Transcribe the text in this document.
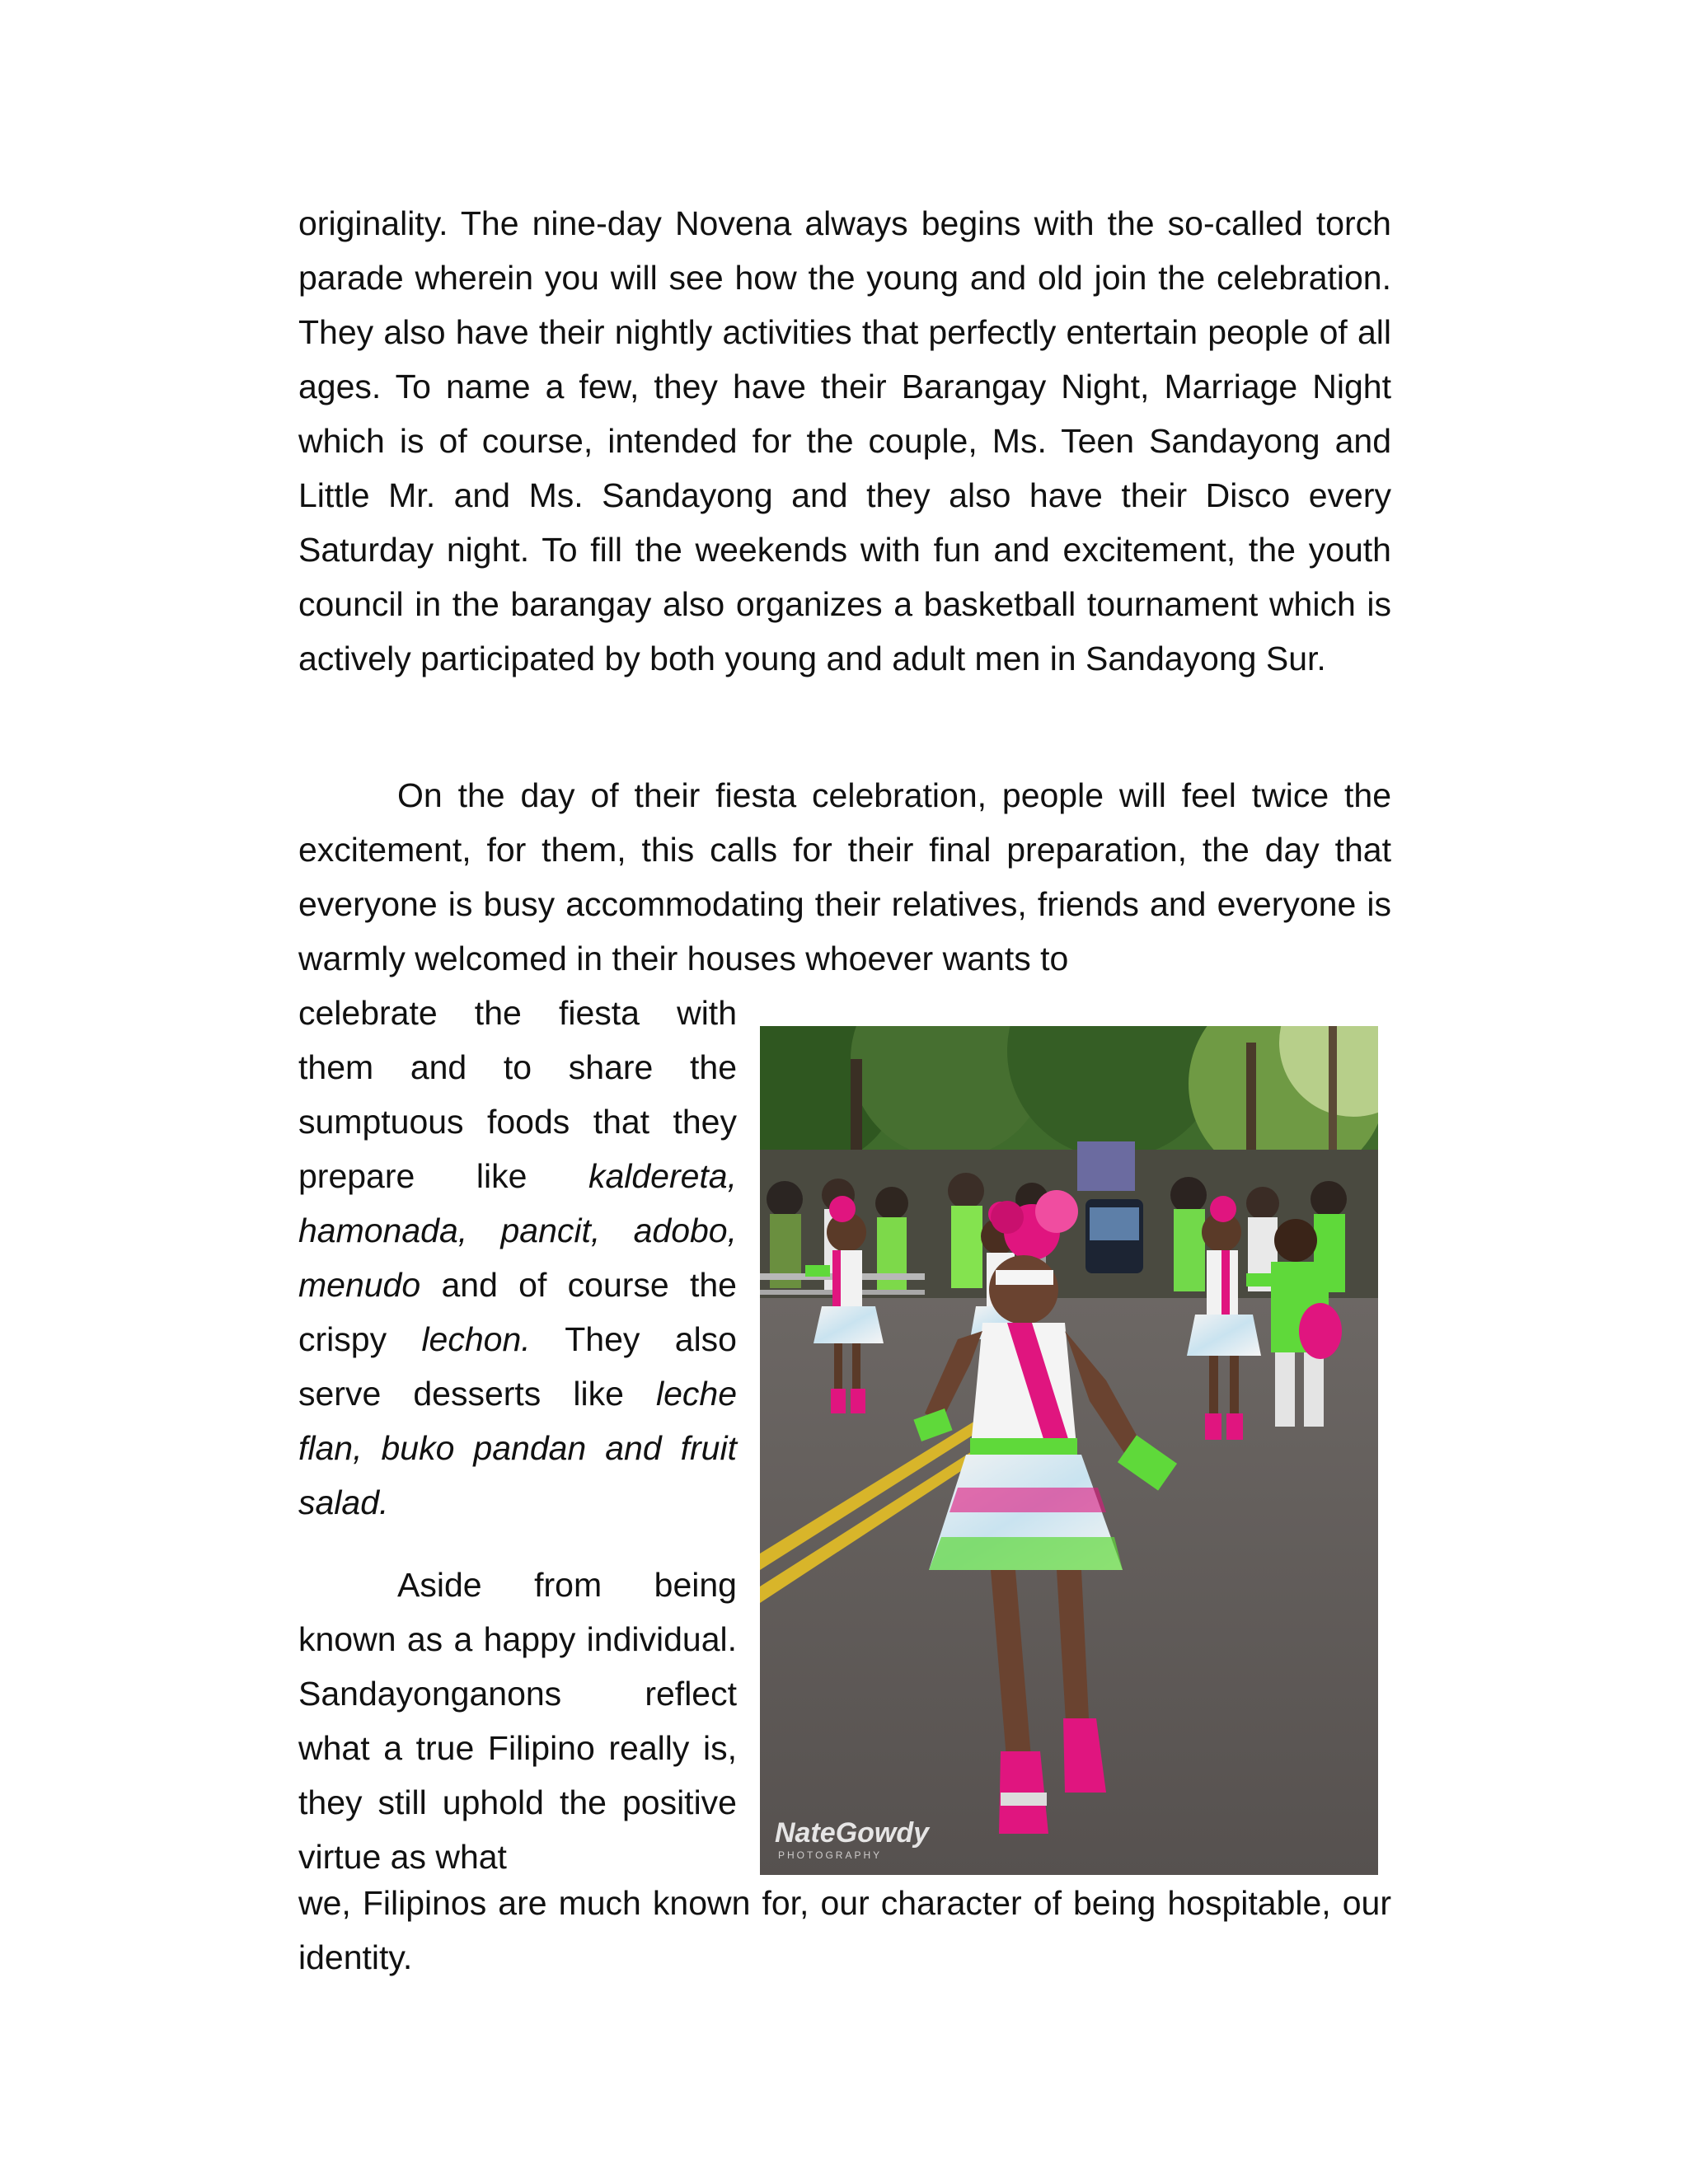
originality. The nine-day Novena always begins with the so-called torch parade wherein you will see how the young and old join the celebration. They also have their nightly activities that perfectly entertain people of all ages. To name a few, they have their Barangay Night, Marriage Night which is of course, intended for the couple, Ms. Teen Sandayong and Little Mr. and Ms. Sandayong and they also have their Disco every Saturday night. To fill the weekends with fun and excitement, the youth council in the barangay also organizes a basketball tournament which is actively participated by both young and adult men in Sandayong Sur.
On the day of their fiesta celebration, people will feel twice the excitement, for them, this calls for their final preparation, the day that everyone is busy accommodating their relatives, friends and everyone is warmly welcomed in their houses whoever wants to
celebrate the fiesta with them and to share the sumptuous foods that they prepare like kaldereta, hamonada, pancit, adobo, menudo and of course the crispy lechon. They also serve desserts like leche flan, buko pandan and fruit salad.
Aside from being known as a happy individual. Sandayonganons reflect what a true Filipino really is, they still uphold the positive virtue as what
we, Filipinos are much known for, our character of being hospitable, our identity.
NateGowdy
PHOTOGRAPHY
